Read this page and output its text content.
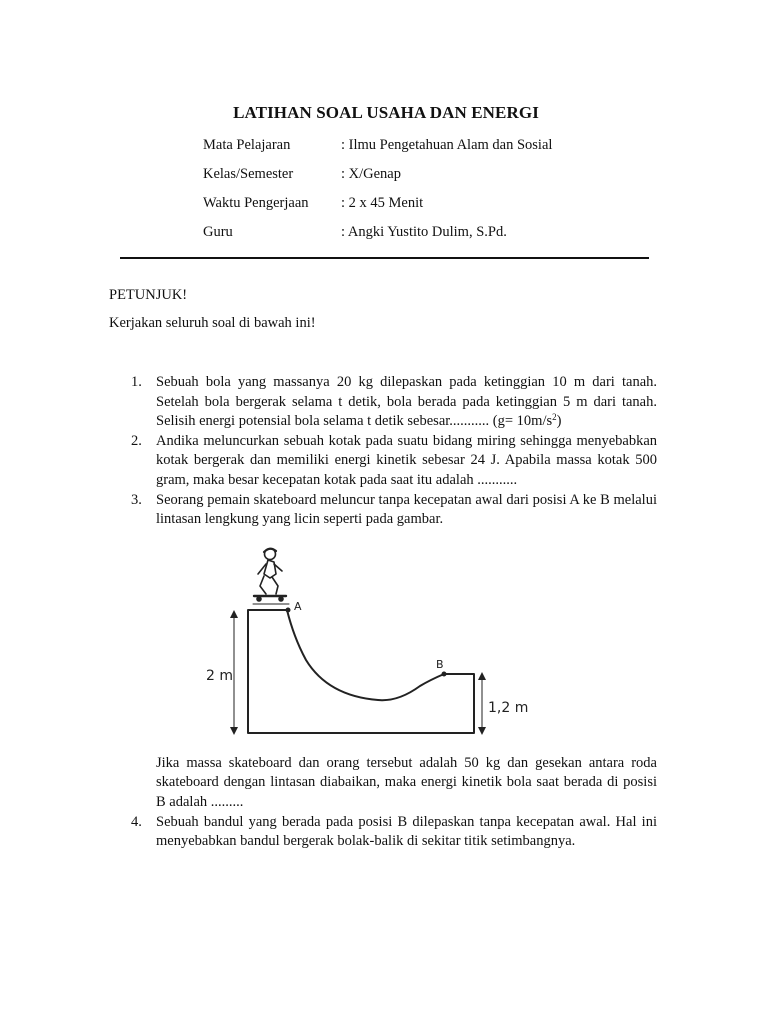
LATIHAN SOAL USAHA DAN ENERGI
Mata Pelajaran	: Ilmu Pengetahuan Alam dan Sosial
Kelas/Semester	: X/Genap
Waktu Pengerjaan : 2 x 45 Menit
Guru	: Angki Yustito Dulim, S.Pd.
PETUNJUK!
Kerjakan seluruh soal di bawah ini!
1. Sebuah bola yang massanya 20 kg dilepaskan pada ketinggian 10 m dari tanah. Setelah bola bergerak selama t detik, bola berada pada ketinggian 5 m dari tanah. Selisih energi potensial bola selama t detik sebesar........... $(g= 10m/s^2)$
2. Andika meluncurkan sebuah kotak pada suatu bidang miring sehingga menyebabkan kotak bergerak dan memiliki energi kinetik sebesar 24 J. Apabila massa kotak 500 gram, maka besar kecepatan kotak pada saat itu adalah ...........
3. Seorang pemain skateboard meluncur tanpa kecepatan awal dari posisi A ke B melalui lintasan lengkung yang licin seperti pada gambar.
A
B
2 m
1,2 m
Jika massa skateboard dan orang tersebut adalah 50 kg dan gesekan antara roda skateboard dengan lintasan diabaikan, maka energi kinetik bola saat berada di posisi B adalah .........
4. Sebuah bandul yang berada pada posisi B dilepaskan tanpa kecepatan awal. Hal ini menyebabkan bandul bergerak bolak-balik di sekitar titik setimbangnya.
